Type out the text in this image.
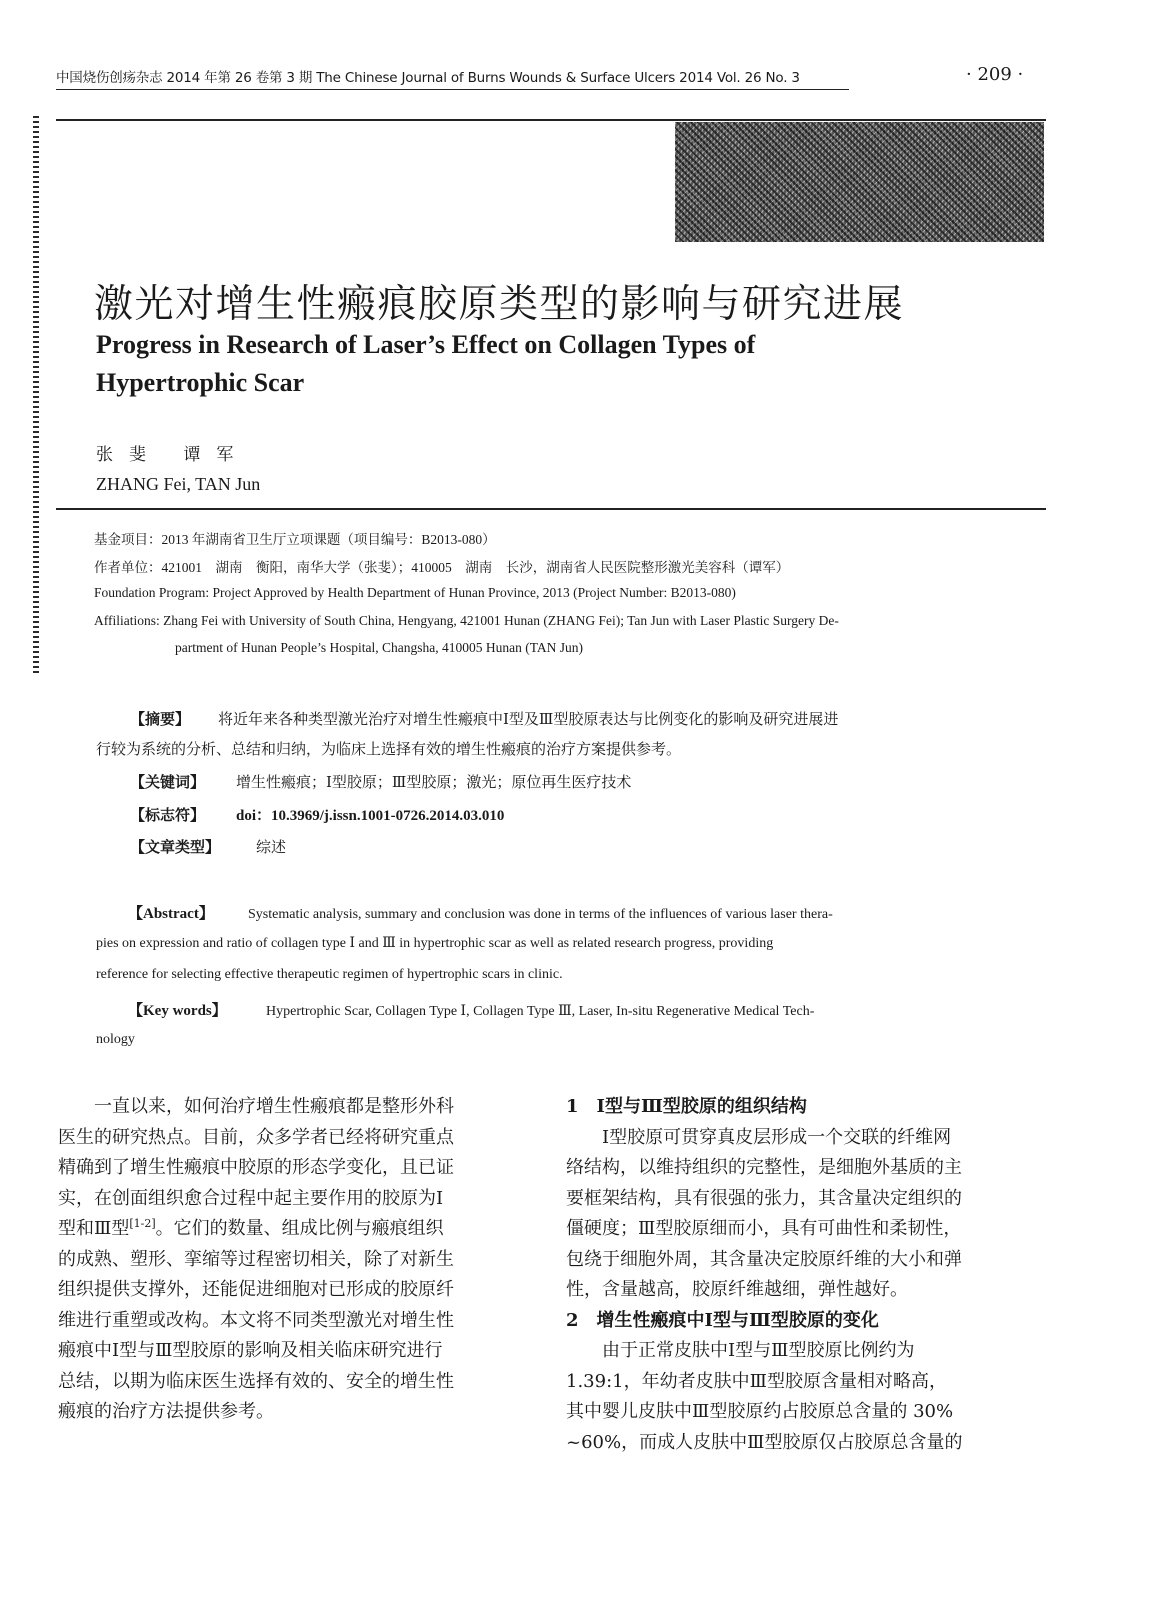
中国烧伤创疡杂志 2014 年第 26 卷第 3 期 The Chinese Journal of Burns Wounds & Surface Ulcers 2014 Vol. 26 No. 3	· 209 ·
激光对增生性瘢痕胶原类型的影响与研究进展
Progress in Research of Laser’s Effect on Collagen Types of
Hypertrophic Scar
张斐 谭军
ZHANG Fei, TAN Jun
基金项目：2013 年湖南省卫生厅立项课题（项目编号：B2013-080）
作者单位：421001　湖南　衡阳，南华大学（张斐）；410005　湖南　长沙，湖南省人民医院整形激光美容科（谭军）
Foundation Program: Project Approved by Health Department of Hunan Province, 2013 (Project Number: B2013-080)
Affiliations: Zhang Fei with University of South China, Hengyang, 421001 Hunan (ZHANG Fei); Tan Jun with Laser Plastic Surgery De-
partment of Hunan People’s Hospital, Changsha, 410005 Hunan (TAN Jun)
【摘要】 将近年来各种类型激光治疗对增生性瘢痕中Ⅰ型及Ⅲ型胶原表达与比例变化的影响及研究进展进
行较为系统的分析、总结和归纳，为临床上选择有效的增生性瘢痕的治疗方案提供参考。
【关键词】 增生性瘢痕；Ⅰ型胶原；Ⅲ型胶原；激光；原位再生医疗技术
【标志符】 doi：10.3969/j.issn.1001-0726.2014.03.010
【文章类型】 综述
【Abstract】 Systematic analysis, summary and conclusion was done in terms of the influences of various laser thera-
pies on expression and ratio of collagen type Ⅰ and Ⅲ in hypertrophic scar as well as related research progress, providing
reference for selecting effective therapeutic regimen of hypertrophic scars in clinic.
【Key words】	Hypertrophic Scar, Collagen Type Ⅰ, Collagen Type Ⅲ, Laser, In-situ Regenerative Medical Tech-
nology
一直以来，如何治疗增生性瘢痕都是整形外科
医生的研究热点。目前，众多学者已经将研究重点
精确到了增生性瘢痕中胶原的形态学变化，且已证
实，在创面组织愈合过程中起主要作用的胶原为Ⅰ
型和Ⅲ型[1-2]。它们的数量、组成比例与瘢痕组织
的成熟、塑形、挛缩等过程密切相关，除了对新生
组织提供支撑外，还能促进细胞对已形成的胶原纤
维进行重塑或改构。本文将不同类型激光对增生性
瘢痕中Ⅰ型与Ⅲ型胶原的影响及相关临床研究进行
总结，以期为临床医生选择有效的、安全的增生性
瘢痕的治疗方法提供参考。
1　Ⅰ型与Ⅲ型胶原的组织结构
Ⅰ型胶原可贯穿真皮层形成一个交联的纤维网
络结构，以维持组织的完整性，是细胞外基质的主
要框架结构，具有很强的张力，其含量决定组织的
僵硬度；Ⅲ型胶原细而小，具有可曲性和柔韧性，
包绕于细胞外周，其含量决定胶原纤维的大小和弹
性，含量越高，胶原纤维越细，弹性越好。
2　增生性瘢痕中Ⅰ型与Ⅲ型胶原的变化
由于正常皮肤中Ⅰ型与Ⅲ型胶原比例约为
1.39:1，年幼者皮肤中Ⅲ型胶原含量相对略高，
其中婴儿皮肤中Ⅲ型胶原约占胶原总含量的 30%
~60%，而成人皮肤中Ⅲ型胶原仅占胶原总含量的
